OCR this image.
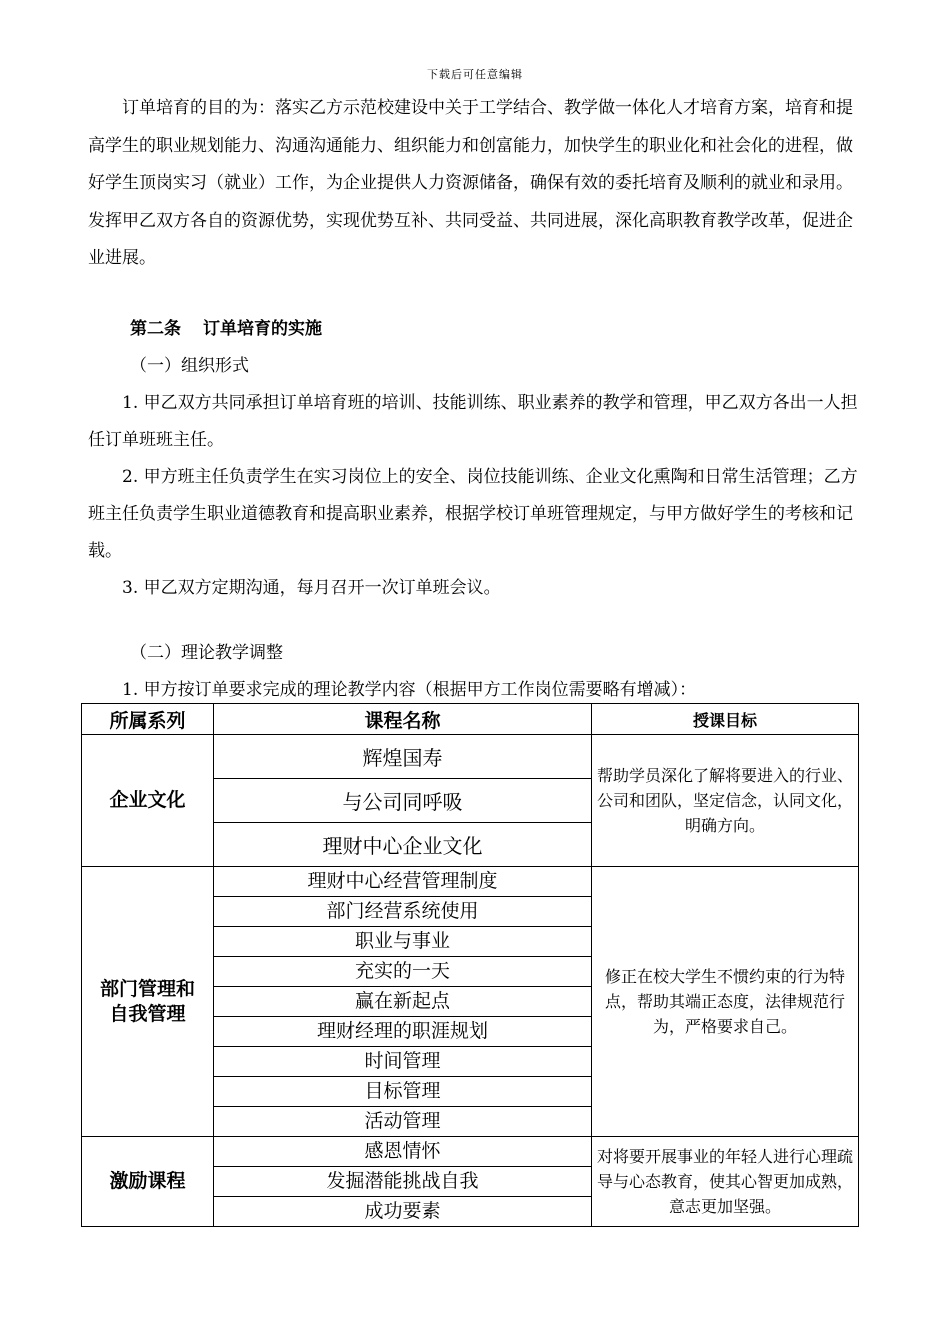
下载后可任意编辑

订单培育的目的为：落实乙方示范校建设中关于工学结合、教学做一体化人才培育方案，培育和提高学生的职业规划能力、沟通沟通能力、组织能力和创富能力，加快学生的职业化和社会化的进程，做好学生顶岗实习（就业）工作，为企业提供人力资源储备，确保有效的委托培育及顺利的就业和录用。发挥甲乙双方各自的资源优势，实现优势互补、共同受益、共同进展，深化高职教育教学改革，促进企业进展。

第二条 订单培育的实施

（一）组织形式

1. 甲乙双方共同承担订单培育班的培训、技能训练、职业素养的教学和管理，甲乙双方各出一人担任订单班班主任。

2. 甲方班主任负责学生在实习岗位上的安全、岗位技能训练、企业文化熏陶和日常生活管理；乙方班主任负责学生职业道德教育和提高职业素养，根据学校订单班管理规定，与甲方做好学生的考核和记载。

3. 甲乙双方定期沟通，每月召开一次订单班会议。

（二）理论教学调整

1. 甲方按订单要求完成的理论教学内容（根据甲方工作岗位需要略有增减）：

所属系列	课程名称	授课目标
企业文化	辉煌国寿	帮助学员深化了解将要进入的行业、公司和团队，坚定信念，认同文化，明确方向。
	与公司同呼吸	
	理财中心企业文化	
部门管理和
自我管理	理财中心经营管理制度	修正在校大学生不惯约束的行为特点，帮助其端正态度，法律规范行为，严格要求自己。
	部门经营系统使用	
	职业与事业	
	充实的一天	
	赢在新起点	
	理财经理的职涯规划	
	时间管理	
	目标管理	
	活动管理	
激励课程	感恩情怀	对将要开展事业的年轻人进行心理疏导与心态教育，使其心智更加成熟，意志更加坚强。
	发掘潜能挑战自我	
	成功要素	
